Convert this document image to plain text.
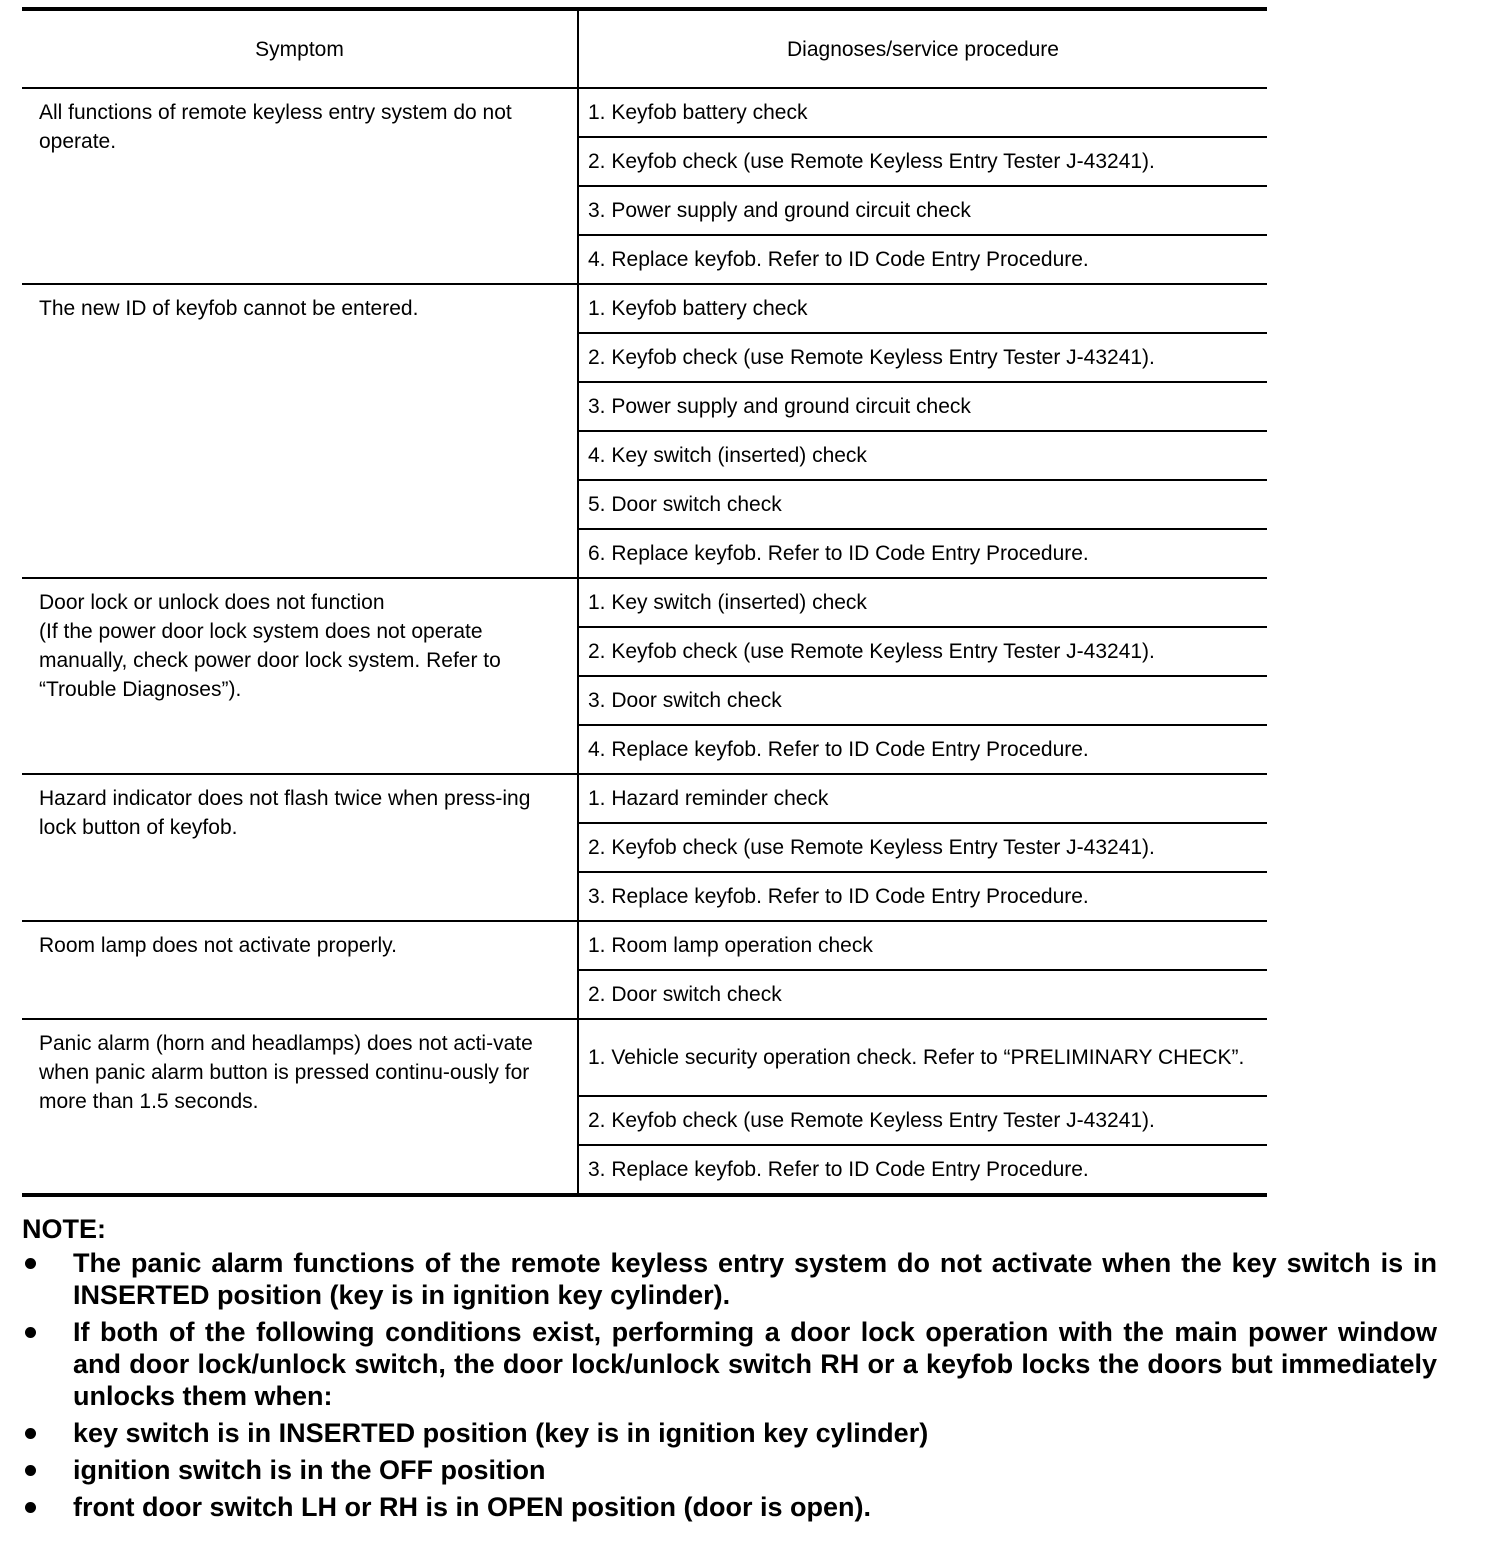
Symptom	Diagnoses/service procedure

All functions of remote keyless entry system do not operate.	1. Keyfob battery check
	2. Keyfob check (use Remote Keyless Entry Tester J-43241).
	3. Power supply and ground circuit check
	4. Replace keyfob. Refer to ID Code Entry Procedure.

The new ID of keyfob cannot be entered.	1. Keyfob battery check
	2. Keyfob check (use Remote Keyless Entry Tester J-43241).
	3. Power supply and ground circuit check
	4. Key switch (inserted) check
	5. Door switch check
	6. Replace keyfob. Refer to ID Code Entry Procedure.

Door lock or unlock does not function
(If the power door lock system does not operate manually, check power door lock system. Refer to “Trouble Diagnoses”).	1. Key switch (inserted) check
	2. Keyfob check (use Remote Keyless Entry Tester J-43241).
	3. Door switch check
	4. Replace keyfob. Refer to ID Code Entry Procedure.

Hazard indicator does not flash twice when press-ing lock button of keyfob.	1. Hazard reminder check
	2. Keyfob check (use Remote Keyless Entry Tester J-43241).
	3. Replace keyfob. Refer to ID Code Entry Procedure.

Room lamp does not activate properly.	1. Room lamp operation check
	2. Door switch check

Panic alarm (horn and headlamps) does not acti-vate when panic alarm button is pressed continu-ously for more than 1.5 seconds.	1. Vehicle security operation check. Refer to “PRELIMINARY CHECK”.
	2. Keyfob check (use Remote Keyless Entry Tester J-43241).
	3. Replace keyfob. Refer to ID Code Entry Procedure.
NOTE:
The panic alarm functions of the remote keyless entry system do not activate when the key switch is in INSERTED position (key is in ignition key cylinder).
If both of the following conditions exist, performing a door lock operation with the main power window and door lock/unlock switch, the door lock/unlock switch RH or a keyfob locks the doors but immediately unlocks them when:
key switch is in INSERTED position (key is in ignition key cylinder)
ignition switch is in the OFF position
front door switch LH or RH is in OPEN position (door is open).
